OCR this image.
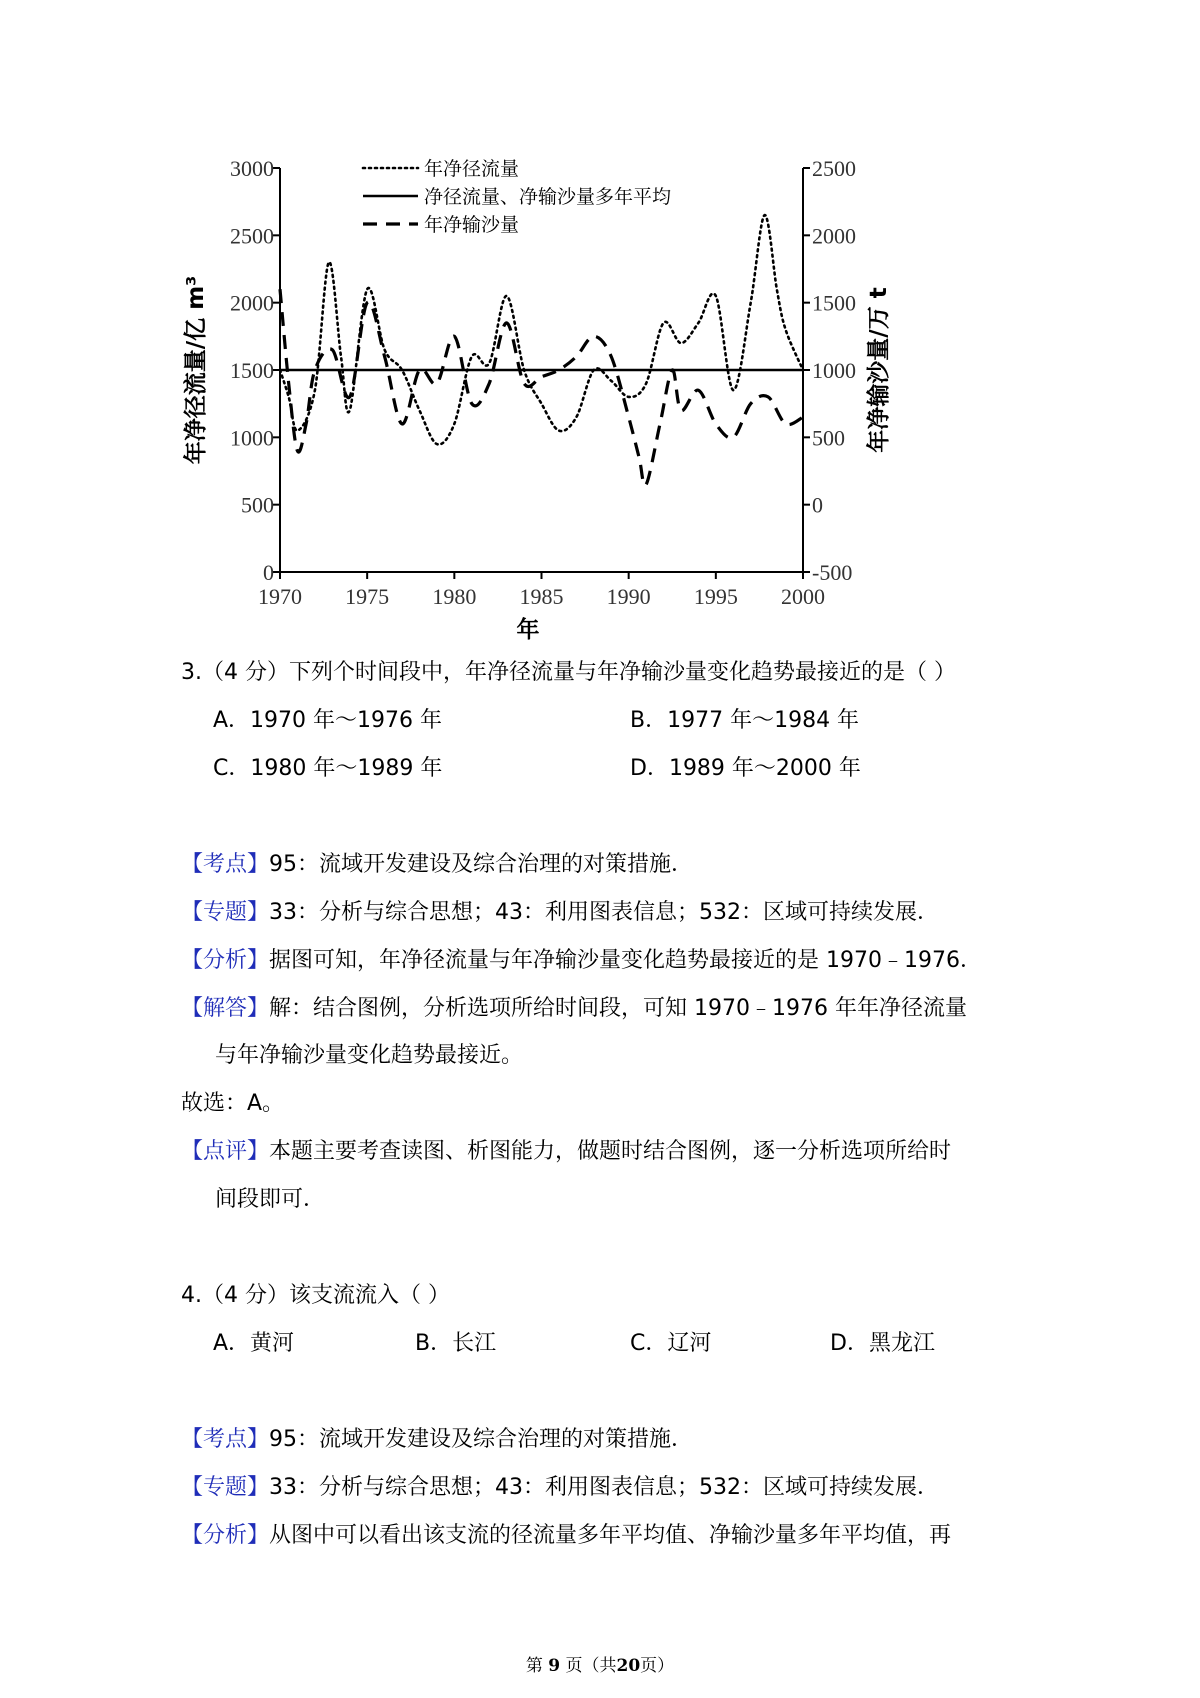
0
500
1000
1500
2000
2500
3000
-500
0
500
1000
1500
2000
2500
1970 1975 1980 1985 1990 1995 2000
年
年净径流量/亿 m³	年净输沙量/万 t
年净径流量
净径流量、净输沙量多年平均
年净输沙量
3.（4 分）下列个时间段中，年净径流量与年净输沙量变化趋势最接近的是（ ）
A．1970 年～1976 年	B．1977 年～1984 年
C．1980 年～1989 年	D．1989 年～2000 年
【考点】95：流域开发建设及综合治理的对策措施．
【专题】33：分析与综合思想；43：利用图表信息；532：区域可持续发展．
【分析】据图可知，年净径流量与年净输沙量变化趋势最接近的是 1970﹣1976．
【解答】解：结合图例，分析选项所给时间段，可知 1970﹣1976 年年净径流量
与年净输沙量变化趋势最接近。
故选：A。
【点评】本题主要考查读图、析图能力，做题时结合图例，逐一分析选项所给时
间段即可．
4.（4 分）该支流流入（ ）
A．黄河	B．长江	C．辽河	D．黑龙江
【考点】95：流域开发建设及综合治理的对策措施．
【专题】33：分析与综合思想；43：利用图表信息；532：区域可持续发展．
【分析】从图中可以看出该支流的径流量多年平均值、净输沙量多年平均值，再
第 9 页（共20页）
